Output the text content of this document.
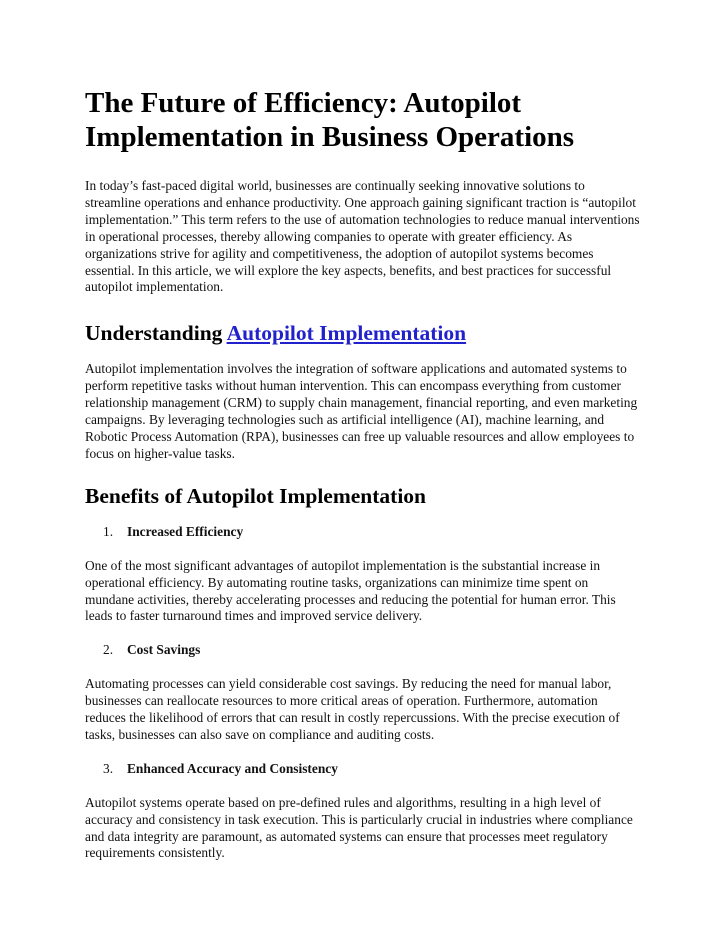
The Future of Efficiency: Autopilot Implementation in Business Operations

In today’s fast-paced digital world, businesses are continually seeking innovative solutions to streamline operations and enhance productivity. One approach gaining significant traction is “autopilot implementation.” This term refers to the use of automation technologies to reduce manual interventions in operational processes, thereby allowing companies to operate with greater efficiency. As organizations strive for agility and competitiveness, the adoption of autopilot systems becomes essential. In this article, we will explore the key aspects, benefits, and best practices for successful autopilot implementation.

Understanding Autopilot Implementation

Autopilot implementation involves the integration of software applications and automated systems to perform repetitive tasks without human intervention. This can encompass everything from customer relationship management (CRM) to supply chain management, financial reporting, and even marketing campaigns. By leveraging technologies such as artificial intelligence (AI), machine learning, and Robotic Process Automation (RPA), businesses can free up valuable resources and allow employees to focus on higher-value tasks.

Benefits of Autopilot Implementation
1.	Increased Efficiency

One of the most significant advantages of autopilot implementation is the substantial increase in operational efficiency. By automating routine tasks, organizations can minimize time spent on mundane activities, thereby accelerating processes and reducing the potential for human error. This leads to faster turnaround times and improved service delivery.

2.	Cost Savings

Automating processes can yield considerable cost savings. By reducing the need for manual labor, businesses can reallocate resources to more critical areas of operation. Furthermore, automation reduces the likelihood of errors that can result in costly repercussions. With the precise execution of tasks, businesses can also save on compliance and auditing costs.

3.	Enhanced Accuracy and Consistency

Autopilot systems operate based on pre-defined rules and algorithms, resulting in a high level of accuracy and consistency in task execution. This is particularly crucial in industries where compliance and data integrity are paramount, as automated systems can ensure that processes meet regulatory requirements consistently.
